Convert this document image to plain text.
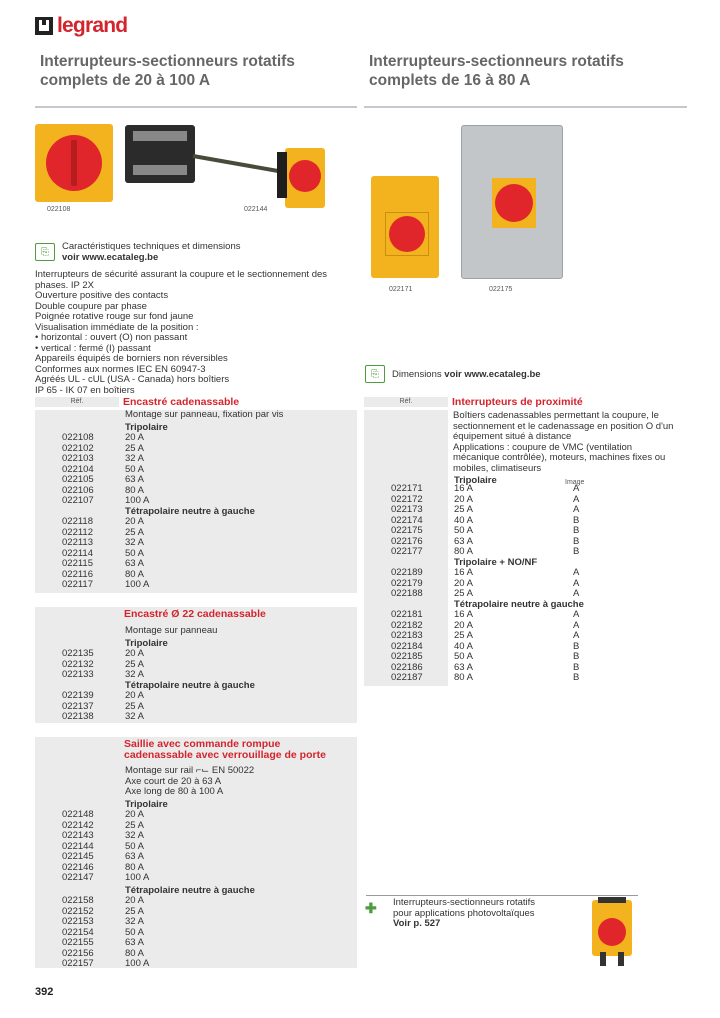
legrand
Interrupteurs-sectionneurs rotatifs
complets de 20 à 100 A
Interrupteurs-sectionneurs rotatifs
complets de 16 à 80 A
022108	022144
022171	022175
⎘	Caractéristiques techniques et dimensions
voir www.ecataleg.be
Interrupteurs de sécurité assurant la coupure et le sectionnement des
phases. IP 2X
Ouverture positive des contacts
Double coupure par phase
Poignée rotative rouge sur fond jaune
Visualisation immédiate de la position :
• horizontal : ouvert (O) non passant
• vertical : fermé (I) passant
Appareils équipés de borniers non réversibles
Conformes aux normes IEC EN 60947-3
Agréés UL - cUL (USA - Canada) hors boîtiers
IP 65 - IK 07 en boîtiers
⎘	Dimensions voir www.ecataleg.be
Réf.	Encastré cadenassable
Montage sur panneau, fixation par vis
Tripolaire
022108	20 A
022102	25 A
022103	32 A
022104	50 A
022105	63 A
022106	80 A
022107	100 A
Tétrapolaire neutre à gauche
022118	20 A
022112	25 A
022113	32 A
022114	50 A
022115	63 A
022116	80 A
022117	100 A
Encastré Ø 22 cadenassable
Montage sur panneau
Tripolaire
022135	20 A
022132	25 A
022133	32 A
Tétrapolaire neutre à gauche
022139	20 A
022137	25 A
022138	32 A
Saillie avec commande rompue
cadenassable avec verrouillage de porte
Montage sur rail ⌐⌙ EN 50022
Axe court de 20 à 63 A
Axe long de 80 à 100 A
Tripolaire
022148	20 A
022142	25 A
022143	32 A
022144	50 A
022145	63 A
022146	80 A
022147	100 A
Tétrapolaire neutre à gauche
022158	20 A
022152	25 A
022153	32 A
022154	50 A
022155	63 A
022156	80 A
022157	100 A
Réf.	Interrupteurs de proximité
Boîtiers cadenassables permettant la coupure, le
sectionnement et le cadenassage en position O d'un
équipement situé à distance
Applications : coupure de VMC (ventilation
mécanique contrôlée), moteurs, machines fixes ou
mobiles, climatiseurs
Tripolaire	Image
022171	16 A	A
022172	20 A	A
022173	25 A	A
022174	40 A	B
022175	50 A	B
022176	63 A	B
022177	80 A	B
Tripolaire + NO/NF
022189	16 A	A
022179	20 A	A
022188	25 A	A
Tétrapolaire neutre à gauche
022181	16 A	A
022182	20 A	A
022183	25 A	A
022184	40 A	B
022185	50 A	B
022186	63 A	B
022187	80 A	B
✚ Interrupteurs-sectionneurs rotatifs
pour applications photovoltaïques
Voir p. 527
392
